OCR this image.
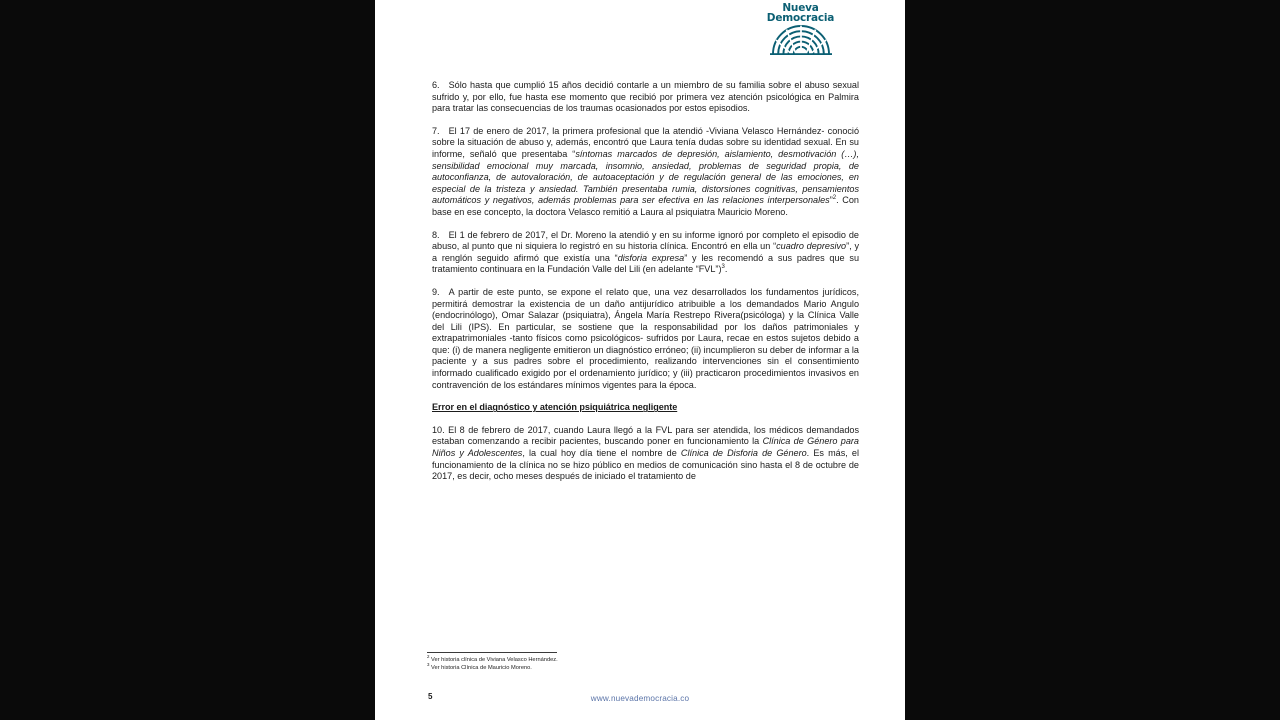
Nueva
Democracia

6. Sólo hasta que cumplió 15 años decidió contarle a un miembro de su familia sobre el abuso sexual sufrido y, por ello, fue hasta ese momento que recibió por primera vez atención psicológica en Palmira para tratar las consecuencias de los traumas ocasionados por estos episodios.

7. El 17 de enero de 2017, la primera profesional que la atendió -Viviana Velasco Hernández- conoció sobre la situación de abuso y, además, encontró que Laura tenía dudas sobre su identidad sexual. En su informe, señaló que presentaba “síntomas marcados de depresión, aislamiento, desmotivación (…), sensibilidad emocional muy marcada, insomnio, ansiedad, problemas de seguridad propia, de autoconfianza, de autovaloración, de autoaceptación y de regulación general de las emociones, en especial de la tristeza y ansiedad. También presentaba rumia, distorsiones cognitivas, pensamientos automáticos y negativos, además problemas para ser efectiva en las relaciones interpersonales”$^2$. Con base en ese concepto, la doctora Velasco remitió a Laura al psiquiatra Mauricio Moreno.

8. El 1 de febrero de 2017, el Dr. Moreno la atendió y en su informe ignoró por completo el episodio de abuso, al punto que ni siquiera lo registró en su historia clínica. Encontró en ella un “cuadro depresivo”, y a renglón seguido afirmó que existía una “disforia expresa” y les recomendó a sus padres que su tratamiento continuara en la Fundación Valle del Lili (en adelante “FVL”)$^3$.

9. A partir de este punto, se expone el relato que, una vez desarrollados los fundamentos jurídicos, permitirá demostrar la existencia de un daño antijurídico atribuible a los demandados Mario Angulo (endocrinólogo), Omar Salazar (psiquiatra), Ángela María Restrepo Rivera(psicóloga) y la Clínica Valle del Lili (IPS). En particular, se sostiene que la responsabilidad por los daños patrimoniales y extrapatrimoniales -tanto físicos como psicológicos- sufridos por Laura, recae en estos sujetos debido a que: (i) de manera negligente emitieron un diagnóstico erróneo; (ii) incumplieron su deber de informar a la paciente y a sus padres sobre el procedimiento, realizando intervenciones sin el consentimiento informado cualificado exigido por el ordenamiento jurídico; y (iii) practicaron procedimientos invasivos en contravención de los estándares mínimos vigentes para la época.

Error en el diagnóstico y atención psiquiátrica negligente

10. El 8 de febrero de 2017, cuando Laura llegó a la FVL para ser atendida, los médicos demandados estaban comenzando a recibir pacientes, buscando poner en funcionamiento la Clínica de Género para Niños y Adolescentes, la cual hoy día tiene el nombre de Clínica de Disforia de Género. Es más, el funcionamiento de la clínica no se hizo público en medios de comunicación sino hasta el 8 de octubre de 2017, es decir, ocho meses después de iniciado el tratamiento de

$^2$ Ver historia clínica de Viviana Velasco Hernández.

$^3$ Ver historia Clínica de Mauricio Moreno.

5	www.nuevademocracia.co
